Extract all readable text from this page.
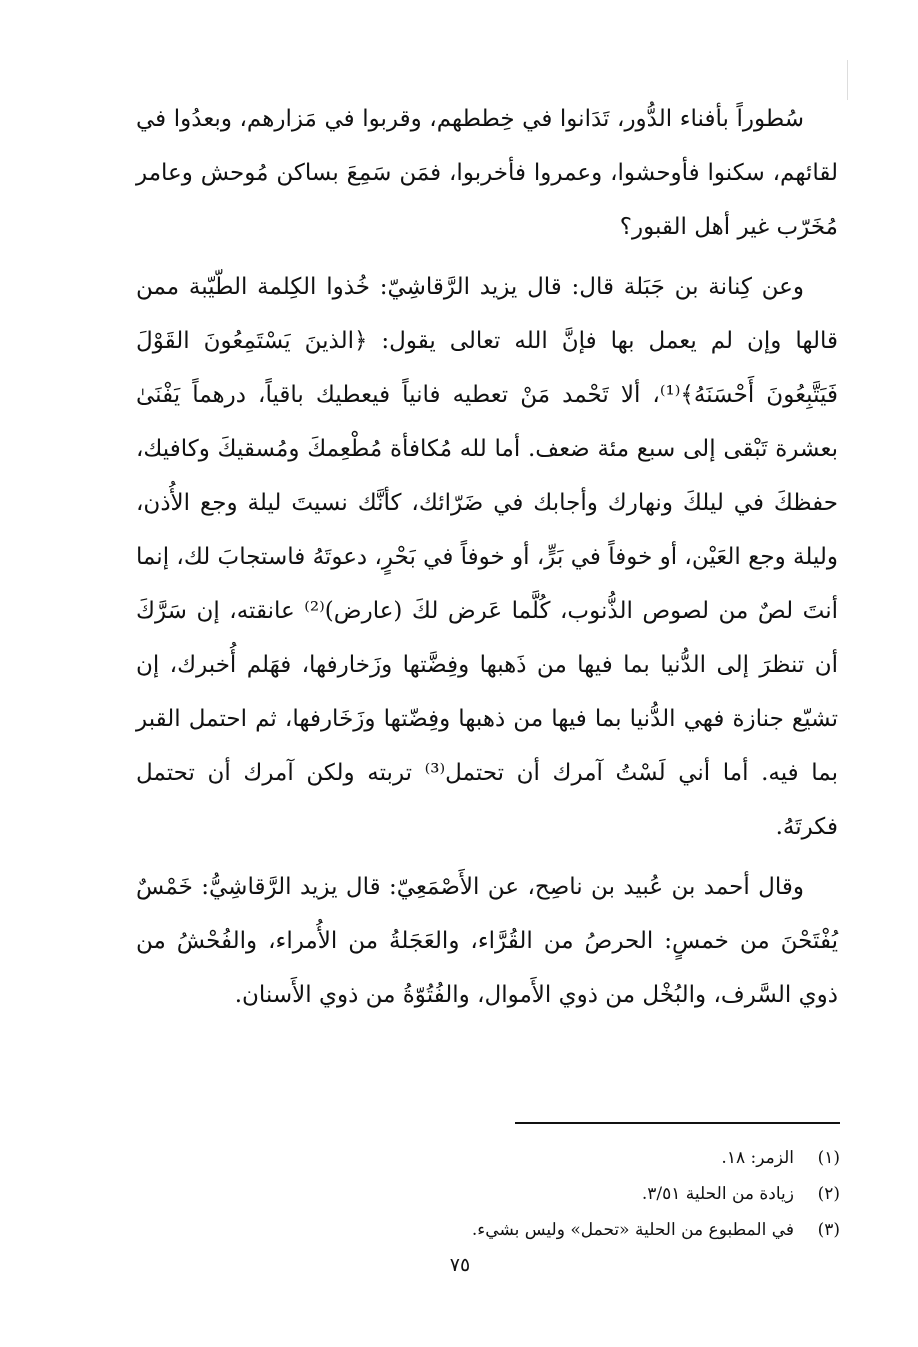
سُطوراً بأفناء الدُّور، تَدَانوا في خِططهم، وقربوا في مَزارهم، وبعدُوا في لقائهم، سكنوا فأوحشوا، وعمروا فأخربوا، فمَن سَمِعَ بساكن مُوحش وعامر مُخَرّب غير أهل القبور؟

وعن كِنانة بن جَبَلة قال: قال يزيد الرَّقاشِيّ: خُذوا الكِلمة الطّيّبة ممن قالها وإن لم يعمل بها فإنَّ الله تعالى يقول: ﴿الذينَ يَسْتَمِعُونَ القَوْلَ فَيَتَّبِعُونَ أَحْسَنَهُ﴾⁽¹⁾، ألا تَحْمد مَنْ تعطيه فانياً فيعطيك باقياً، درهماً يَفْنَىٰ بعشرة تَبْقى إلى سبع مئة ضعف. أما لله مُكافأة مُطْعِمكَ ومُسقيكَ وكافيك، حفظكَ في ليلكَ ونهارك وأجابك في ضَرّائك، كأنَّك نسيتَ ليلة وجع الأُذن، وليلة وجع العَيْن، أو خوفاً في بَرٍّ، أو خوفاً في بَحْرٍ، دعوتَهُ فاستجابَ لك، إنما أنتَ لصٌ من لصوص الذُّنوب، كُلَّما عَرض لكَ (عارض)⁽²⁾ عانقته، إن سَرَّكَ أن تنظرَ إلى الدُّنيا بما فيها من ذَهبها وفِضَّتها وزَخارفها، فهَلم أُخبرك، إن تشيّع جنازة فهي الدُّنيا بما فيها من ذهبها وفِضّتها وزَخَارفها، ثم احتمل القبر بما فيه. أما أني لَسْتُ آمرك أن تحتمل⁽³⁾ تربته ولكن آمرك أن تحتمل فكرتَهُ.

وقال أحمد بن عُبيد بن ناصِح، عن الأَصْمَعِيّ: قال يزيد الرَّقاشِيُّ: خَمْسٌ يُفْتَحْنَ من خمسٍ: الحرصُ من القُرَّاء، والعَجَلةُ من الأُمراء، والفُحْشُ من ذوي السَّرف، والبُخْل من ذوي الأَموال، والفُتُوّةُ من ذوي الأَسنان.

(١)
الزمر: ١٨.
(٢)
زيادة من الحلية ٣/٥١.
(٣)
في المطبوع من الحلية «تحمل» وليس بشيء.
٧٥
